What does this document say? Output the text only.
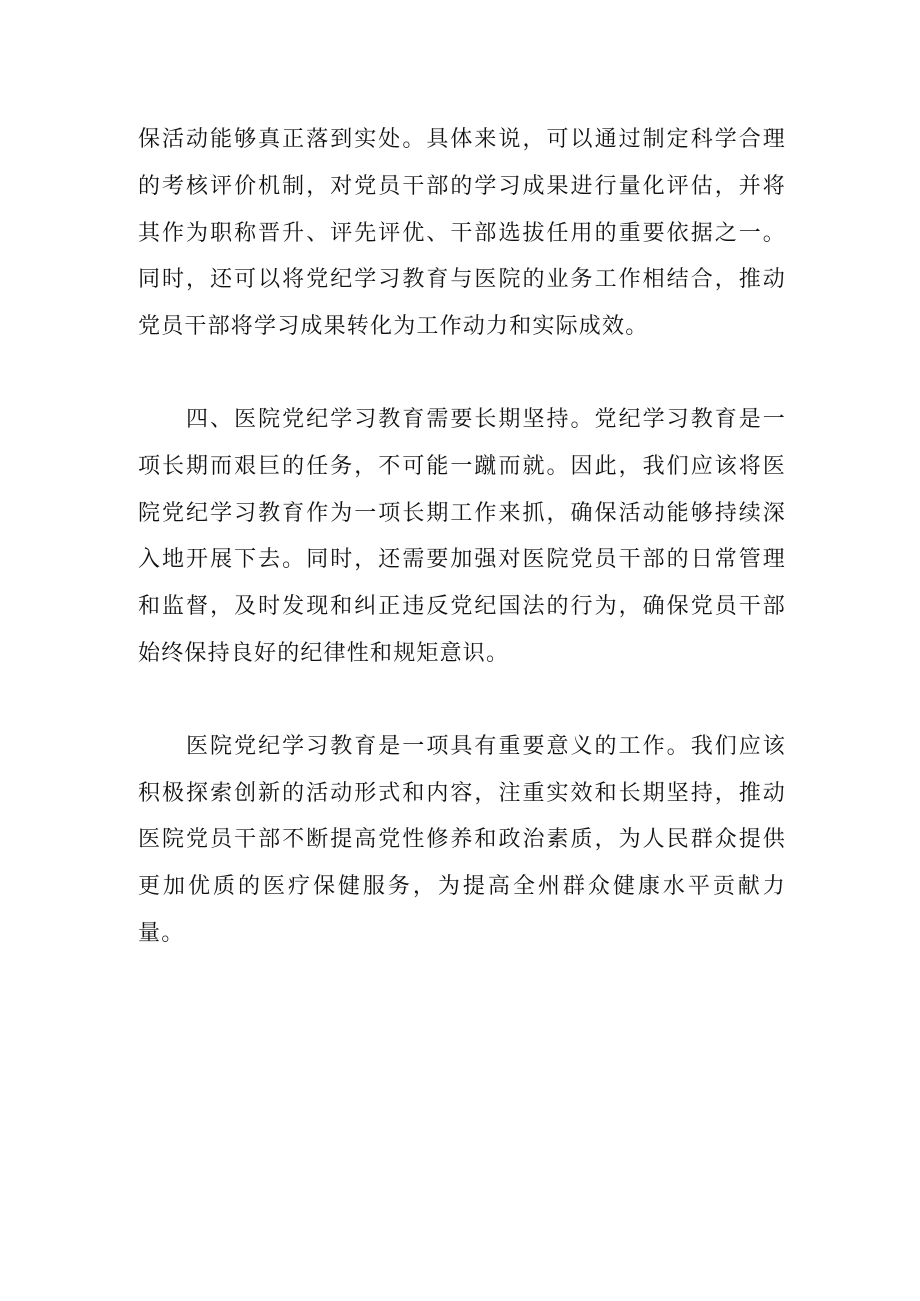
保活动能够真正落到实处。具体来说，可以通过制定科学合理的考核评价机制，对党员干部的学习成果进行量化评估，并将其作为职称晋升、评先评优、干部选拔任用的重要依据之一。同时，还可以将党纪学习教育与医院的业务工作相结合，推动党员干部将学习成果转化为工作动力和实际成效。

四、医院党纪学习教育需要长期坚持。党纪学习教育是一项长期而艰巨的任务，不可能一蹴而就。因此，我们应该将医院党纪学习教育作为一项长期工作来抓，确保活动能够持续深入地开展下去。同时，还需要加强对医院党员干部的日常管理和监督，及时发现和纠正违反党纪国法的行为，确保党员干部始终保持良好的纪律性和规矩意识。

医院党纪学习教育是一项具有重要意义的工作。我们应该积极探索创新的活动形式和内容，注重实效和长期坚持，推动医院党员干部不断提高党性修养和政治素质，为人民群众提供更加优质的医疗保健服务，为提高全州群众健康水平贡献力量。
